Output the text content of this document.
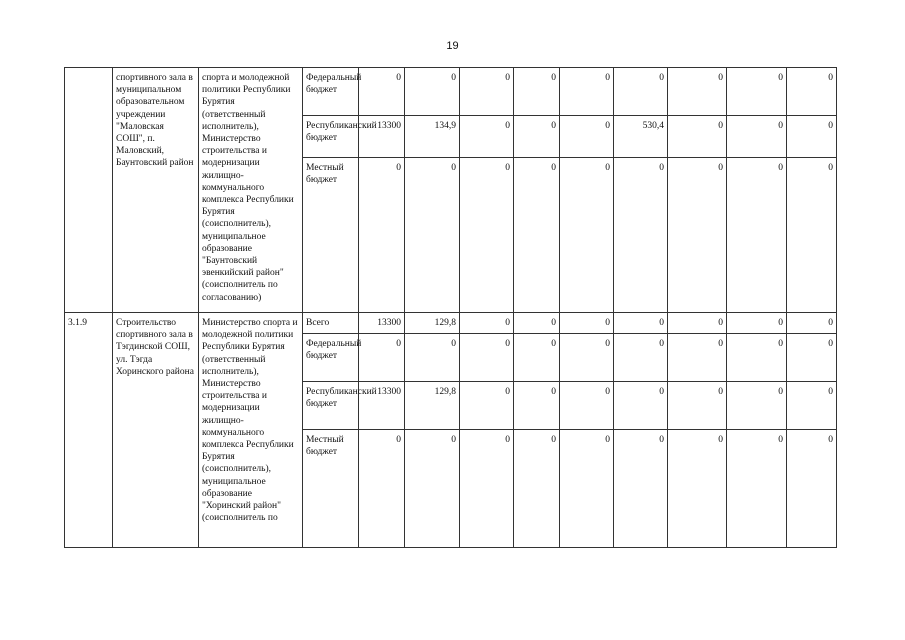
19
	спортивного зала в муниципальном образовательном учреждении "Маловская СОШ", п. Маловский, Баунтовский район	спорта и молодежной политики Республики Бурятия (ответственный исполнитель), Министерство строительства и модернизации жилищно-коммунального комплекса Республики Бурятия (соисполнитель), муниципальное образование "Баунтовский эвенкийский район" (соисполнитель по согласованию)	Федеральный бюджет	0	0	0	0	0	0	0	0	0
			Республиканский бюджет	13300	134,9	0	0	0	530,4	0	0	0
			Местный бюджет	0	0	0	0	0	0	0	0	0
3.1.9	Строительство спортивного зала в Тэгдинской СОШ, ул. Тэгда Хоринского района	Министерство спорта и молодежной политики Республики Бурятия (ответственный исполнитель), Министерство строительства и модернизации жилищно-коммунального комплекса Республики Бурятия (соисполнитель), муниципальное образование "Хоринский район" (соисполнитель по	Всего	13300	129,8	0	0	0	0	0	0	0
			Федеральный бюджет	0	0	0	0	0	0	0	0	0
			Республиканский бюджет	13300	129,8	0	0	0	0	0	0	0
			Местный бюджет	0	0	0	0	0	0	0	0	0
